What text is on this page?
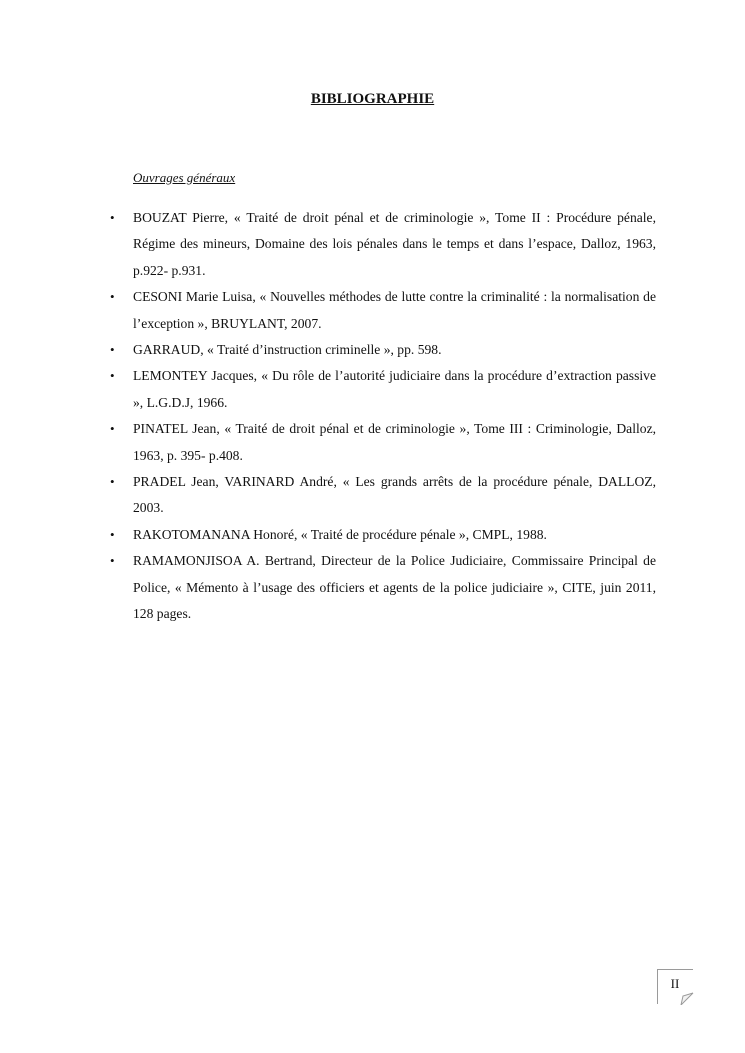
BIBLIOGRAPHIE
Ouvrages généraux
•	BOUZAT Pierre, « Traité de droit pénal et de criminologie », Tome II : Procédure pénale, Régime des mineurs, Domaine des lois pénales dans le temps et dans l’espace, Dalloz, 1963, p.922- p.931.
•	CESONI Marie Luisa, « Nouvelles méthodes de lutte contre la criminalité : la normalisation de l’exception », BRUYLANT, 2007.
•	GARRAUD, « Traité d’instruction criminelle », pp. 598.
•	LEMONTEY Jacques, « Du rôle de l’autorité judiciaire dans la procédure d’extraction passive », L.G.D.J, 1966.
•	PINATEL Jean, « Traité de droit pénal et de criminologie », Tome III : Criminologie, Dalloz, 1963, p. 395- p.408.
•	PRADEL Jean, VARINARD André, « Les grands arrêts de la procédure pénale, DALLOZ, 2003.
•	RAKOTOMANANA Honoré, « Traité de procédure pénale », CMPL, 1988.
•	RAMAMONJISOA A. Bertrand, Directeur de la Police Judiciaire, Commissaire Principal de Police, « Mémento à l’usage des officiers et agents de la police judiciaire », CITE, juin 2011, 128 pages.
II
